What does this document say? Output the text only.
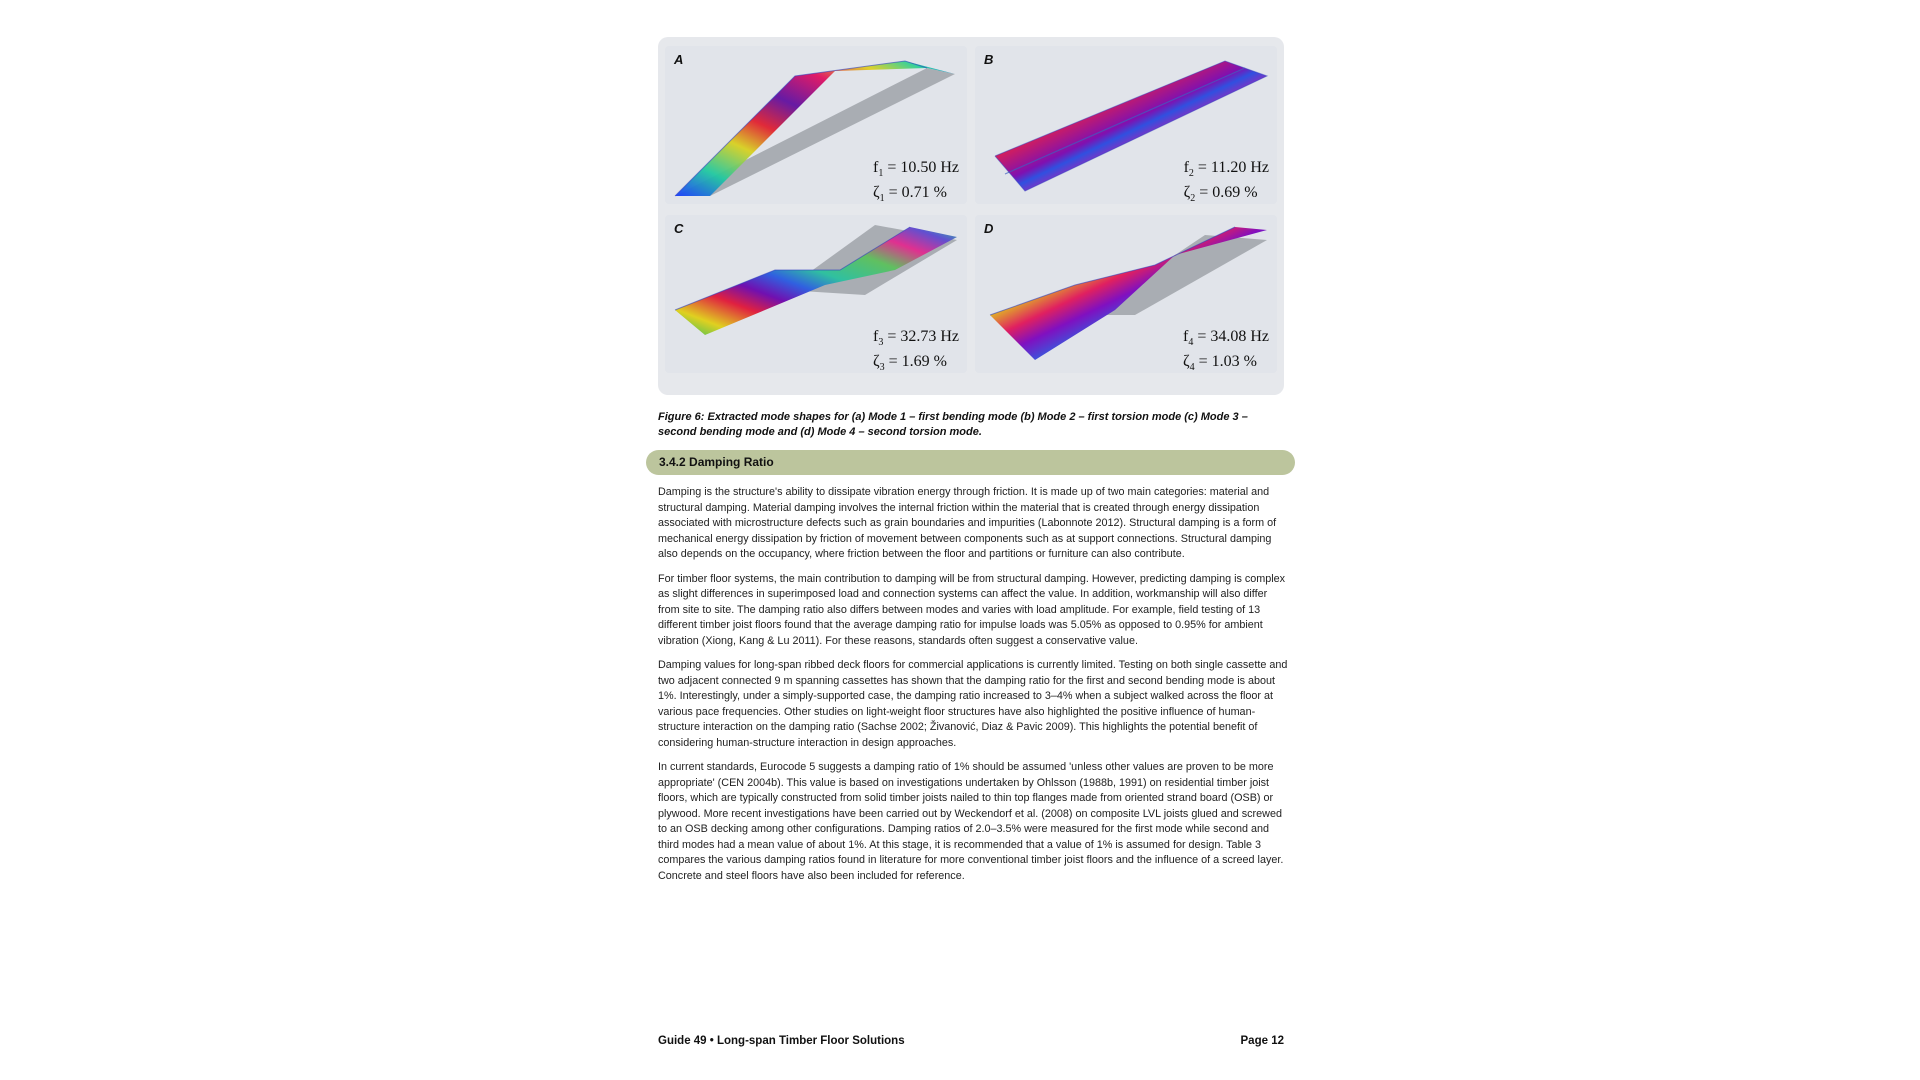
A
$f_1 = 10.50$ Hz
$\zeta_1 = 0.71$ %
B
$f_2 = 11.20$ Hz
$\zeta_2 = 0.69$ %
C
$f_3 = 32.73$ Hz
$\zeta_3 = 1.69$ %
D
$f_4 = 34.08$ Hz
$\zeta_4 = 1.03$ %
Figure 6: Extracted mode shapes for (a) Mode 1 – first bending mode (b) Mode 2 – first torsion mode (c) Mode 3 – second bending mode and (d) Mode 4 – second torsion mode.
3.4.2 Damping Ratio

Damping is the structure's ability to dissipate vibration energy through friction. It is made up of two main categories: material and structural damping. Material damping involves the internal friction within the material that is created through energy dissipation associated with microstructure defects such as grain boundaries and impurities (Labonnote 2012). Structural damping is a form of mechanical energy dissipation by friction of movement between components such as at support connections. Structural damping also depends on the occupancy, where friction between the floor and partitions or furniture can also contribute.

For timber floor systems, the main contribution to damping will be from structural damping. However, predicting damping is complex as slight differences in superimposed load and connection systems can affect the value. In addition, workmanship will also differ from site to site. The damping ratio also differs between modes and varies with load amplitude. For example, field testing of 13 different timber joist floors found that the average damping ratio for impulse loads was 5.05% as opposed to 0.95% for ambient vibration (Xiong, Kang & Lu 2011). For these reasons, standards often suggest a conservative value.

Damping values for long-span ribbed deck floors for commercial applications is currently limited. Testing on both single cassette and two adjacent connected 9 m spanning cassettes has shown that the damping ratio for the first and second bending mode is about 1%. Interestingly, under a simply-supported case, the damping ratio increased to 3–4% when a subject walked across the floor at various pace frequencies. Other studies on light-weight floor structures have also highlighted the positive influence of human-structure interaction on the damping ratio (Sachse 2002; Živanović, Diaz & Pavic 2009). This highlights the potential benefit of considering human-structure interaction in design approaches.

In current standards, Eurocode 5 suggests a damping ratio of 1% should be assumed 'unless other values are proven to be more appropriate' (CEN 2004b). This value is based on investigations undertaken by Ohlsson (1988b, 1991) on residential timber joist floors, which are typically constructed from solid timber joists nailed to thin top flanges made from oriented strand board (OSB) or plywood. More recent investigations have been carried out by Weckendorf et al. (2008) on composite LVL joists glued and screwed to an OSB decking among other configurations. Damping ratios of 2.0–3.5% were measured for the first mode while second and third modes had a mean value of about 1%. At this stage, it is recommended that a value of 1% is assumed for design. Table 3 compares the various damping ratios found in literature for more conventional timber joist floors and the influence of a screed layer. Concrete and steel floors have also been included for reference.

Guide 49 • Long-span Timber Floor Solutions	Page 12
